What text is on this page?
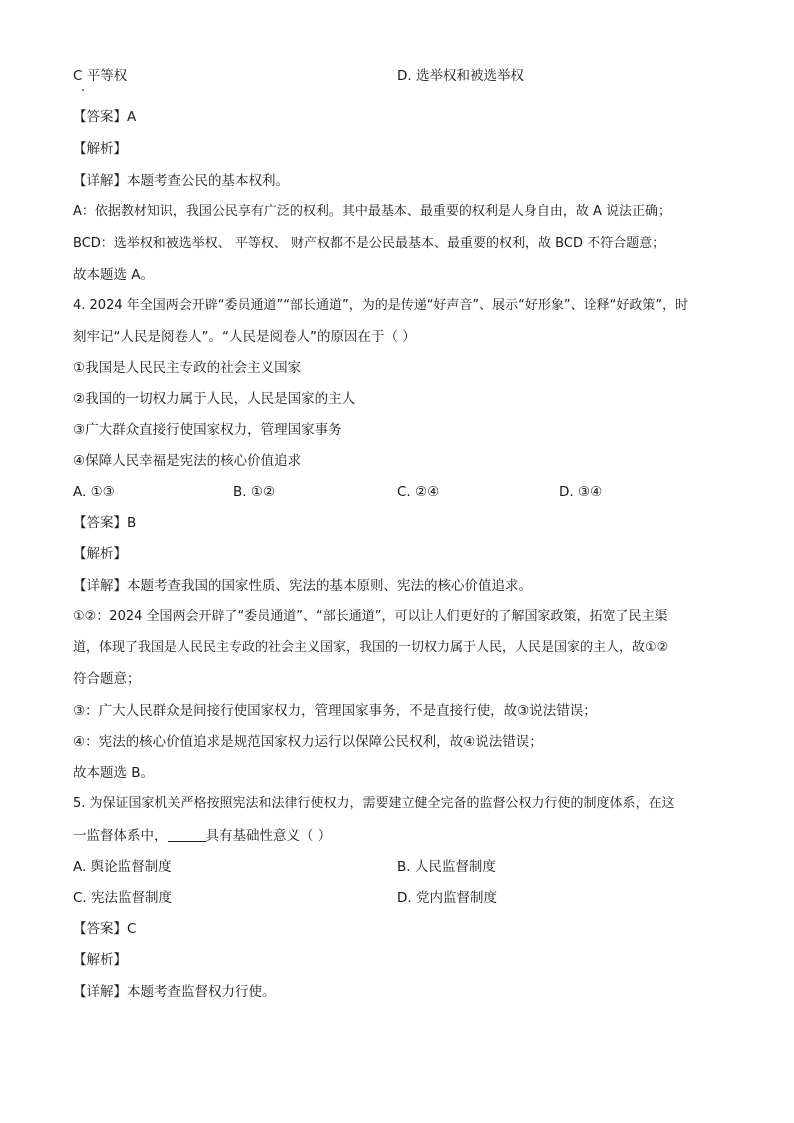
C 平等权	D. 选举权和被选举权
【答案】A
【解析】
【详解】本题考查公民的基本权利。
A：依据教材知识，我国公民享有广泛的权利。其中最基本、最重要的权利是人身自由，故 A 说法正确；
BCD：选举权和被选举权、 平等权、 财产权都不是公民最基本、最重要的权利，故 BCD 不符合题意；
故本题选 A。
4. 2024 年全国两会开辟“委员通道”“部长通道”，为的是传递“好声音”、展示“好形象”、诠释“好政策”，时
刻牢记“人民是阅卷人”。“人民是阅卷人”的原因在于（ ）
①我国是人民民主专政的社会主义国家
②我国的一切权力属于人民，人民是国家的主人
③广大群众直接行使国家权力，管理国家事务
④保障人民幸福是宪法的核心价值追求
A. ①③	B. ①②	C. ②④	D. ③④
【答案】B
【解析】
【详解】本题考查我国的国家性质、宪法的基本原则、宪法的核心价值追求。
①②：2024 全国两会开辟了“委员通道”、“部长通道”，可以让人们更好的了解国家政策，拓宽了民主渠
道，体现了我国是人民民主专政的社会主义国家，我国的一切权力属于人民，人民是国家的主人，故①②
符合题意；
③：广大人民群众是间接行使国家权力，管理国家事务，不是直接行使，故③说法错误；
④：宪法的核心价值追求是规范国家权力运行以保障公民权利，故④说法错误；
故本题选 B。
5. 为保证国家机关严格按照宪法和法律行使权力，需要建立健全完备的监督公权力行使的制度体系，在这
一监督体系中，	具有基础性意义（ ）
A. 舆论监督制度	B. 人民监督制度
C. 宪法监督制度	D. 党内监督制度
【答案】C
【解析】
【详解】本题考查监督权力行使。
